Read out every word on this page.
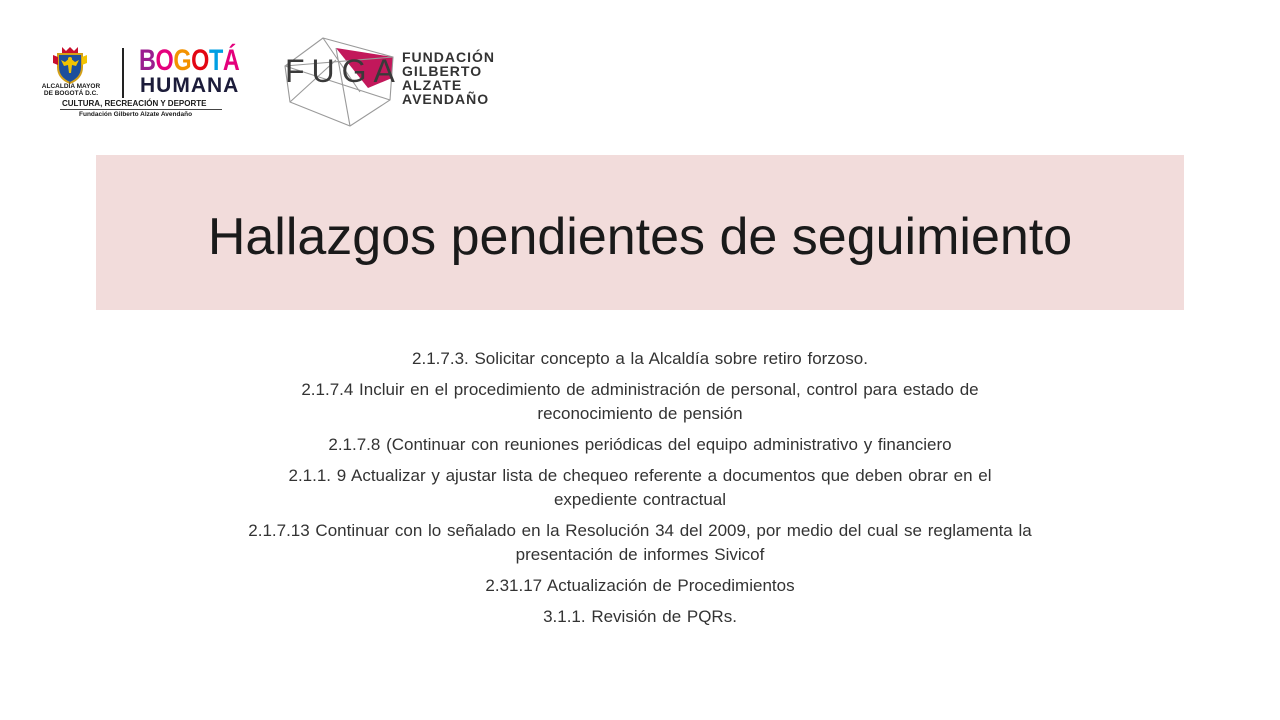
ALCALDÍA MAYOR
DE BOGOTÁ D.C.
BOGOTÁ
HUMANA
CULTURA, RECREACIÓN Y DEPORTE
Fundación Gilberto Alzate Avendaño
FUGA FUNDACIÓN
GILBERTO
ALZATE
AVENDAÑO
Hallazgos pendientes de seguimiento

2.1.7.3. Solicitar concepto a la Alcaldía sobre retiro forzoso.

2.1.7.4 Incluir en el procedimiento de administración de personal, control para estado de
reconocimiento de pensión

2.1.7.8 (Continuar con reuniones periódicas del equipo administrativo y financiero

2.1.1. 9 Actualizar y ajustar lista de chequeo referente a documentos que deben obrar en el
expediente contractual

2.1.7.13 Continuar con lo señalado en la Resolución 34 del 2009, por medio del cual se reglamenta la
presentación de informes Sivicof

2.31.17 Actualización de Procedimientos

3.1.1. Revisión de PQRs.
